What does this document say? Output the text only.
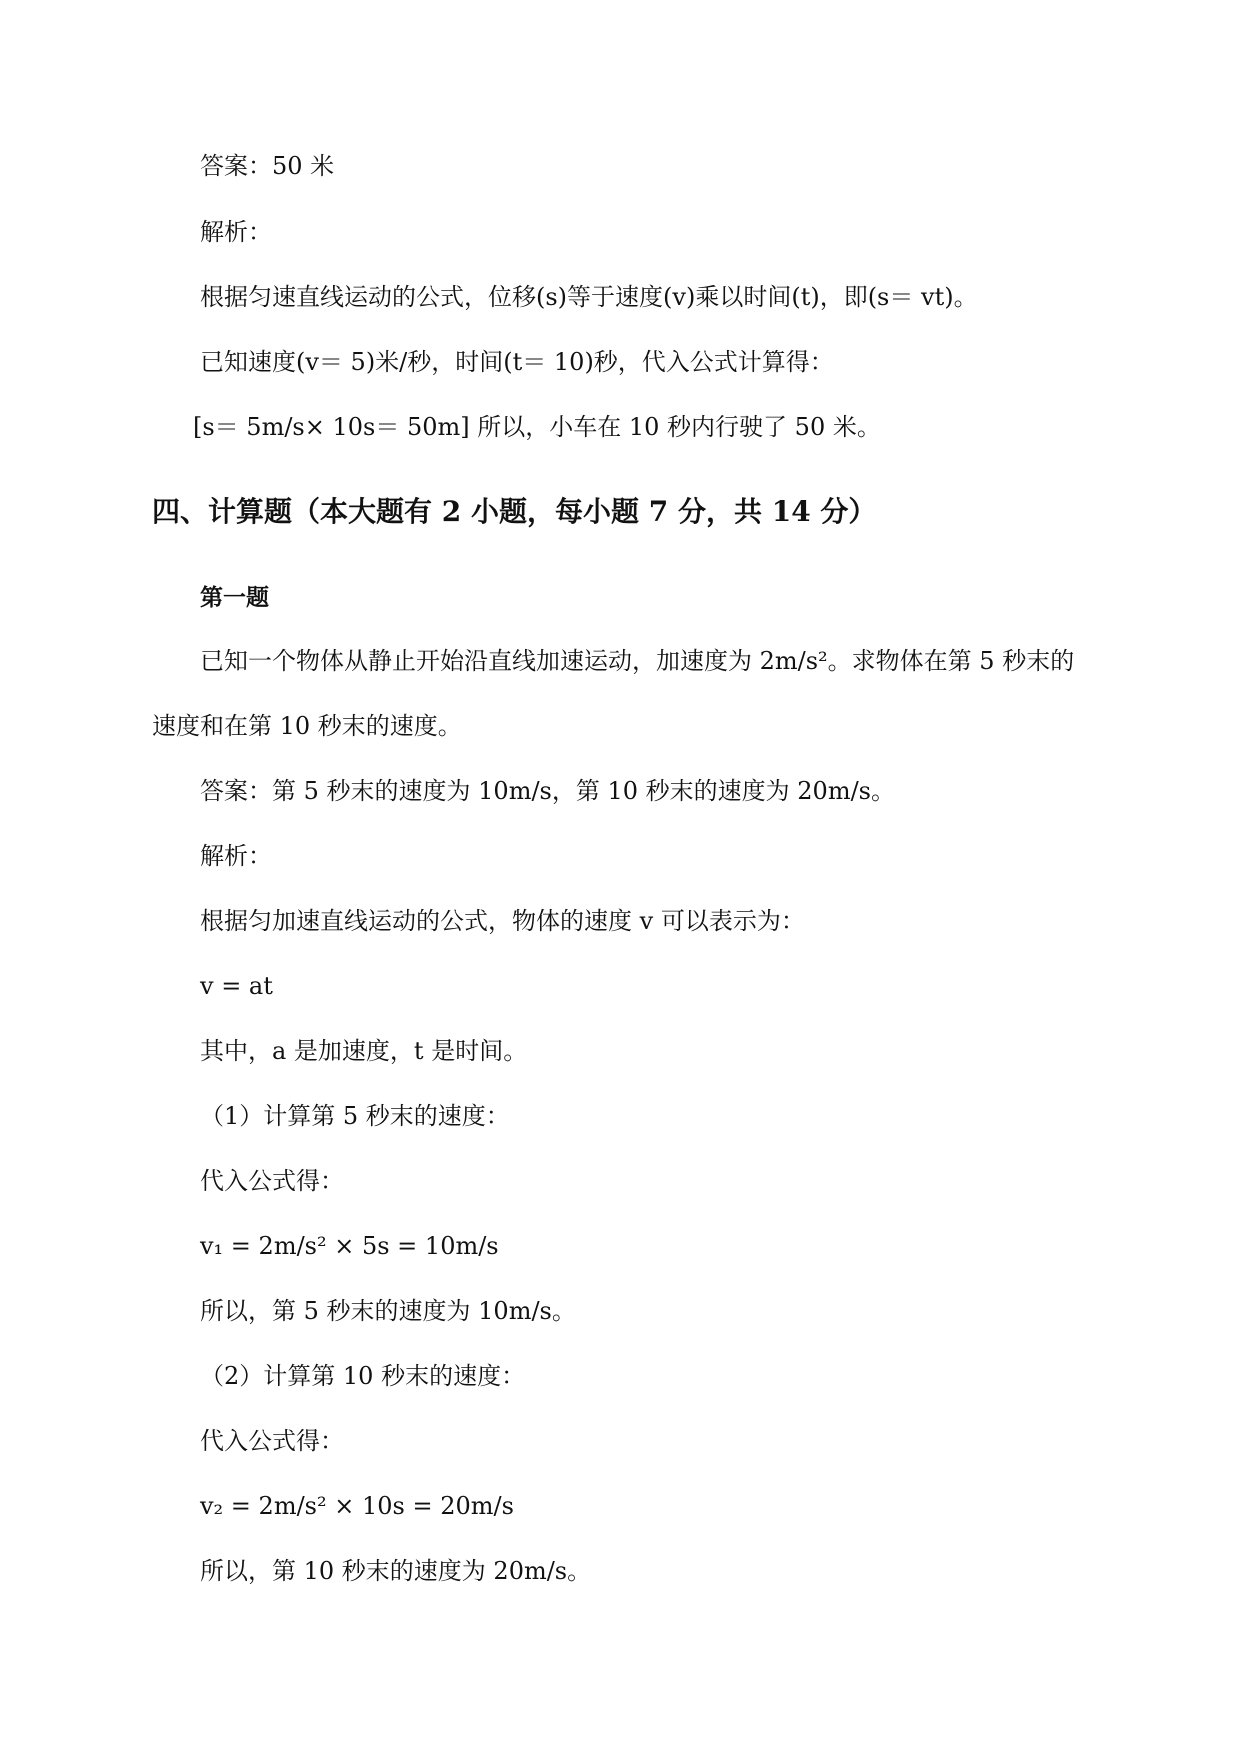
答案：50 米
解析：
根据匀速直线运动的公式，位移(s)等于速度(v)乘以时间(t)，即(s＝ vt)。
已知速度(v＝ 5)米/秒，时间(t＝ 10)秒，代入公式计算得：
[s＝ 5m/s× 10s＝ 50m] 所以，小车在 10 秒内行驶了 50 米。
四、计算题（本大题有 2 小题，每小题 7 分，共 14 分）
第一题
已知一个物体从静止开始沿直线加速运动，加速度为 2m/s²。求物体在第 5 秒末的
速度和在第 10 秒末的速度。
答案：第 5 秒末的速度为 10m/s，第 10 秒末的速度为 20m/s。
解析：
根据匀加速直线运动的公式，物体的速度 v 可以表示为：
v = at
其中，a 是加速度，t 是时间。
（1）计算第 5 秒末的速度：
代入公式得：
v₁ = 2m/s² × 5s = 10m/s
所以，第 5 秒末的速度为 10m/s。
（2）计算第 10 秒末的速度：
代入公式得：
v₂ = 2m/s² × 10s = 20m/s
所以，第 10 秒末的速度为 20m/s。
